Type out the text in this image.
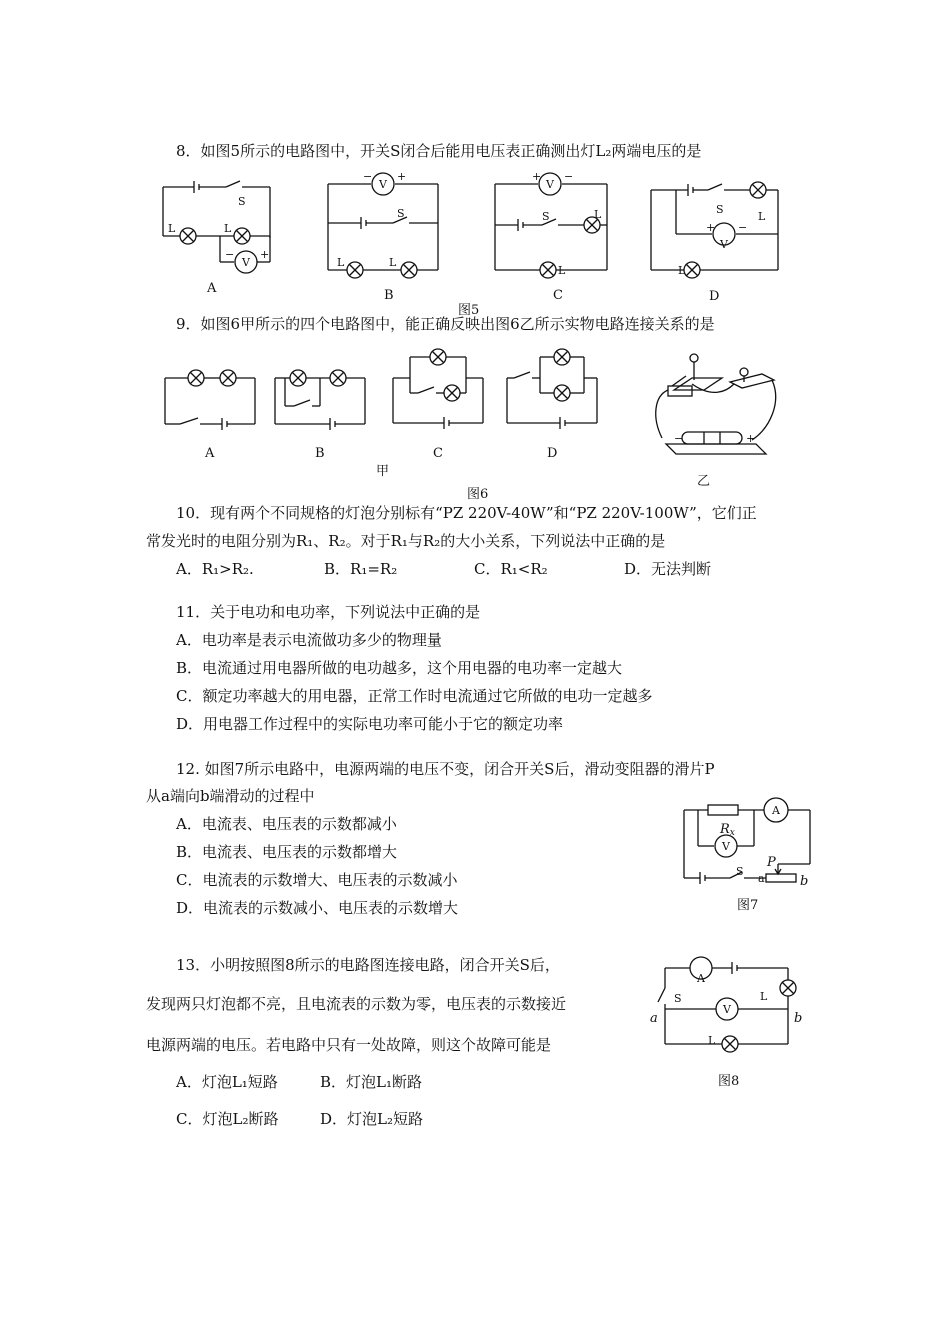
8．如图5所示的电路图中，开关S闭合后能用电压表正确测出灯L₂两端电压的是
S
L	L
− +
V
A
− +
V
S
L	L
B
+ −
V
S	L
L
C
S
L
+ −
V
L
D
图5
9．如图6甲所示的四个电路图中，能正确反映出图6乙所示实物电路连接关系的是
A	B	C	D
−	+
甲
乙
图6
10．现有两个不同规格的灯泡分别标有“PZ 220V-40W”和“PZ 220V-100W”，它们正
常发光时的电阻分别为R₁、R₂。对于R₁与R₂的大小关系，下列说法中正确的是
A．R₁>R₂.	B．R₁=R₂	C．R₁<R₂	D．无法判断
11．关于电功和电功率，下列说法中正确的是
A．电功率是表示电流做功多少的物理量
B．电流通过用电器所做的电功越多，这个用电器的电功率一定越大
C．额定功率越大的用电器，正常工作时电流通过它所做的电功一定越多
D．用电器工作过程中的实际电功率可能小于它的额定功率
12. 如图7所示电路中，电源两端的电压不变，闭合开关S后，滑动变阻器的滑片P
从a端向b端滑动的过程中
A．电流表、电压表的示数都减小
B．电流表、电压表的示数都增大
C．电流表的示数增大、电压表的示数减小
D．电流表的示数减小、电压表的示数增大
A
V
S
a
$R_x$
P
b
图7
13．小明按照图8所示的电路图连接电路，闭合开关S后，
发现两只灯泡都不亮，且电流表的示数为零，电压表的示数接近
电源两端的电压。若电路中只有一处故障，则这个故障可能是
A．灯泡L₁短路	B．灯泡L₁断路
C．灯泡L₂断路	D．灯泡L₂短路
A
V
S	L
L
a	b
图8
